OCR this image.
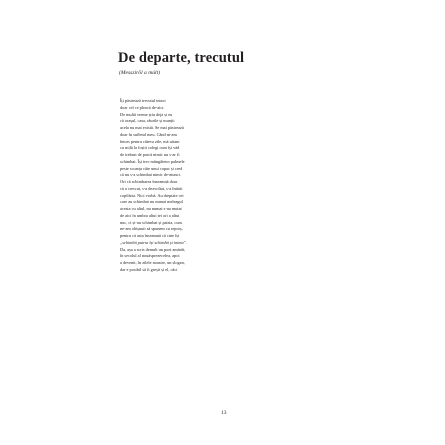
De departe, trecutul

(Messzirõl a múlt)

Îți păstrează trecutul intact
doar cel ce pleacă de-aici.
De multă vreme știu deja și eu
că orașul, casa, râurile și munții
acela nu mai există. Se mai păstrează
doar în sufletul meu. Când m-am
întors pentru câteva zile, mă uitam
cu milă la foștii colegi cum își văd
de treburi de parcă nimic nu s-ar fi
schimbat. Își trec mângâietor palmele
peste scoarța câte unui copac și cred
că nu s-a schimbat nimic de-atunci.
Ori că schimbarea înseamnă doar
că a crescut, s-a dezvoltat, s-a întărit
copilăria. Nici vorbă. Au dreptate cei
care au schimbat nu numai meleagul
acesta cu altul, nu numai s-au mutat
de aici în umbra altui tei ori a altui
nuc, ci și-au schimbat și patria, cum
ne-am obișnuit să spunem cu reproș,
pentru că asta înseamnă că cine își
„schimbă patria își schimbă și inima”.
Da, așa a scris demult un poet amărât,
în secolul al nouăsprezecelea, apoi
a devenit, în zilele noastre, un slogan,
dar e posibil să fi greșit și el, căci
13
